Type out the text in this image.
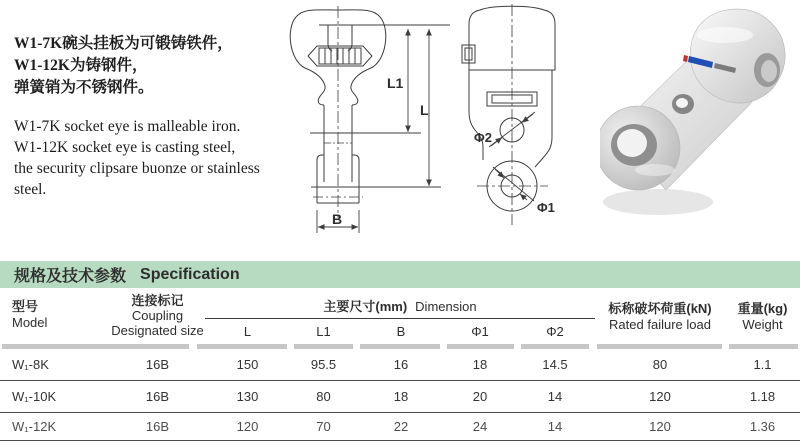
W1-7K碗头挂板为可锻铸铁件，

W1-12K为铸钢件，

弹簧销为不锈钢件。

W1-7K socket eye is malleable iron.

W1-12K socket eye is casting steel,

the security clipsare buonze or stainless steel.

L1
L
B
Φ2
Φ1
规格及技术参数 Specification
型号
Model
连接标记
Coupling
Designated size
主要尺寸(mm) Dimension
L	L1	B	Φ1	Φ2
标称破坏荷重(kN)
Rated failure load
重量(kg)
Weight
W₁-8K	16B	150	95.5	16	18	14.5	80	1.1
W₁-10K	16B	130	80	18	20	14	120	1.18
W₁-12K	16B	120	70	22	24	14	120	1.36
